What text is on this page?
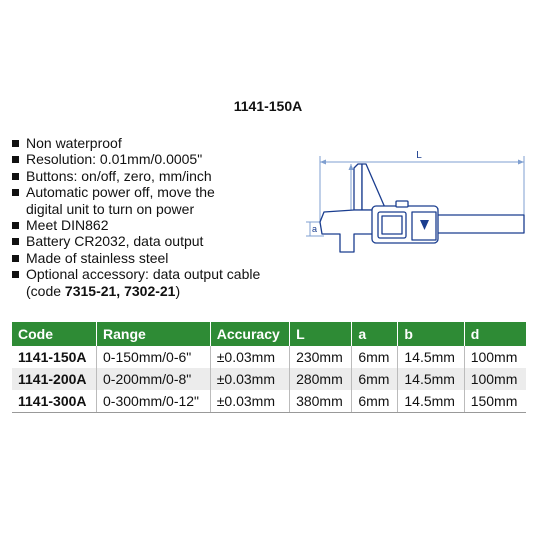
1141-150A
Non waterproof
Resolution: 0.01mm/0.0005"
Buttons: on/off, zero, mm/inch
Automatic power off, move the
digital unit to turn on power
Meet DIN862
Battery CR2032, data output
Made of stainless steel
Optional accessory: data output cable
(code 7315-21, 7302-21)
L
a
Code	Range	Accuracy	L	a	b	d
1141-150A	0-150mm/0-6"	±0.03mm	230mm	6mm	14.5mm	100mm
1141-200A	0-200mm/0-8"	±0.03mm	280mm	6mm	14.5mm	100mm
1141-300A	0-300mm/0-12"	±0.03mm	380mm	6mm	14.5mm	150mm
